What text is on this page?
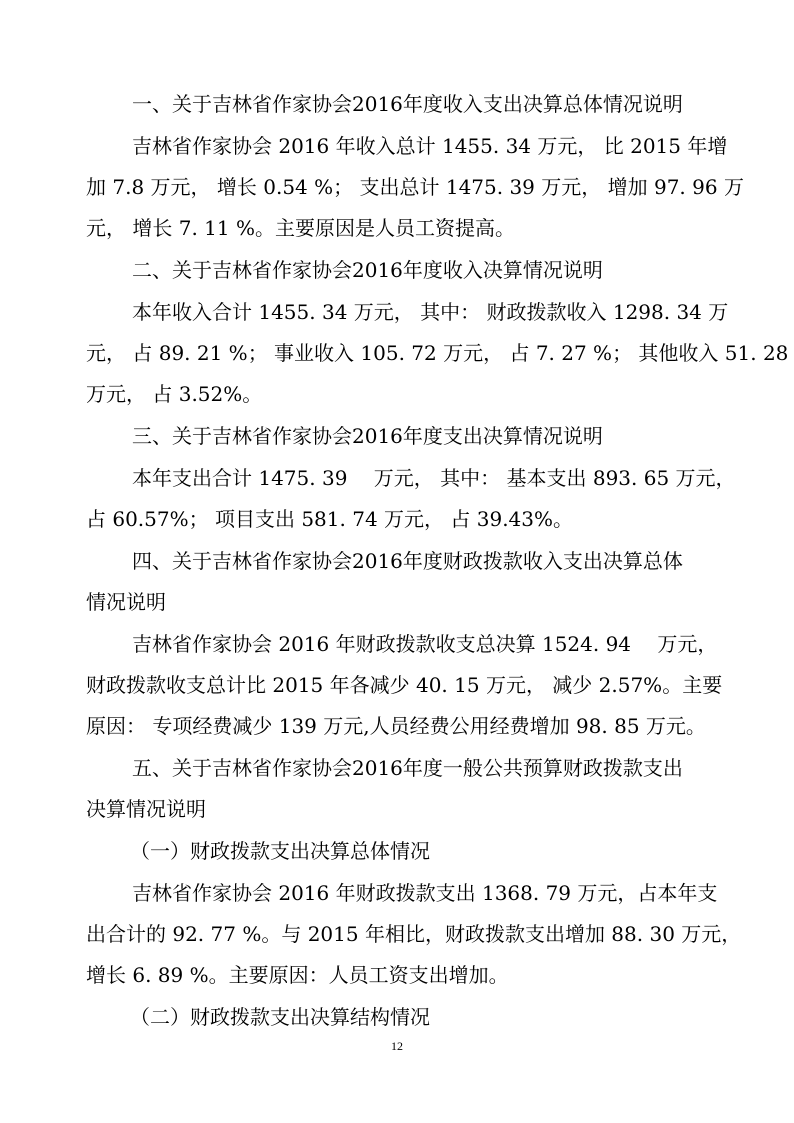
一、关于吉林省作家协会2016年度收入支出决算总体情况说明
吉林省作家协会 2016 年收入总计 1455. 34 万元， 比 2015 年增
加 7.8 万元， 增长 0.54 %； 支出总计 1475. 39 万元， 增加 97. 96 万
元， 增长 7. 11 %。主要原因是人员工资提高。
二、关于吉林省作家协会2016年度收入决算情况说明
本年收入合计 1455. 34 万元， 其中： 财政拨款收入 1298. 34 万
元， 占 89. 21 %； 事业收入 105. 72 万元， 占 7. 27 %； 其他收入 51. 28
万元， 占 3.52%。
三、关于吉林省作家协会2016年度支出决算情况说明
本年支出合计 1475. 39　 万元， 其中： 基本支出 893. 65 万元，
占 60.57%； 项目支出 581. 74 万元， 占 39.43%。
四、关于吉林省作家协会2016年度财政拨款收入支出决算总体
情况说明
吉林省作家协会 2016 年财政拨款收支总决算 1524. 94　 万元，
财政拨款收支总计比 2015 年各减少 40. 15 万元， 减少 2.57%。主要
原因： 专项经费减少 139 万元,人员经费公用经费增加 98. 85 万元。
五、关于吉林省作家协会2016年度一般公共预算财政拨款支出
决算情况说明
（一）财政拨款支出决算总体情况
吉林省作家协会 2016 年财政拨款支出 1368. 79 万元，占本年支
出合计的 92. 77 %。与 2015 年相比，财政拨款支出增加 88. 30 万元，
增长 6. 89 %。主要原因：人员工资支出增加。
（二）财政拨款支出决算结构情况
12
